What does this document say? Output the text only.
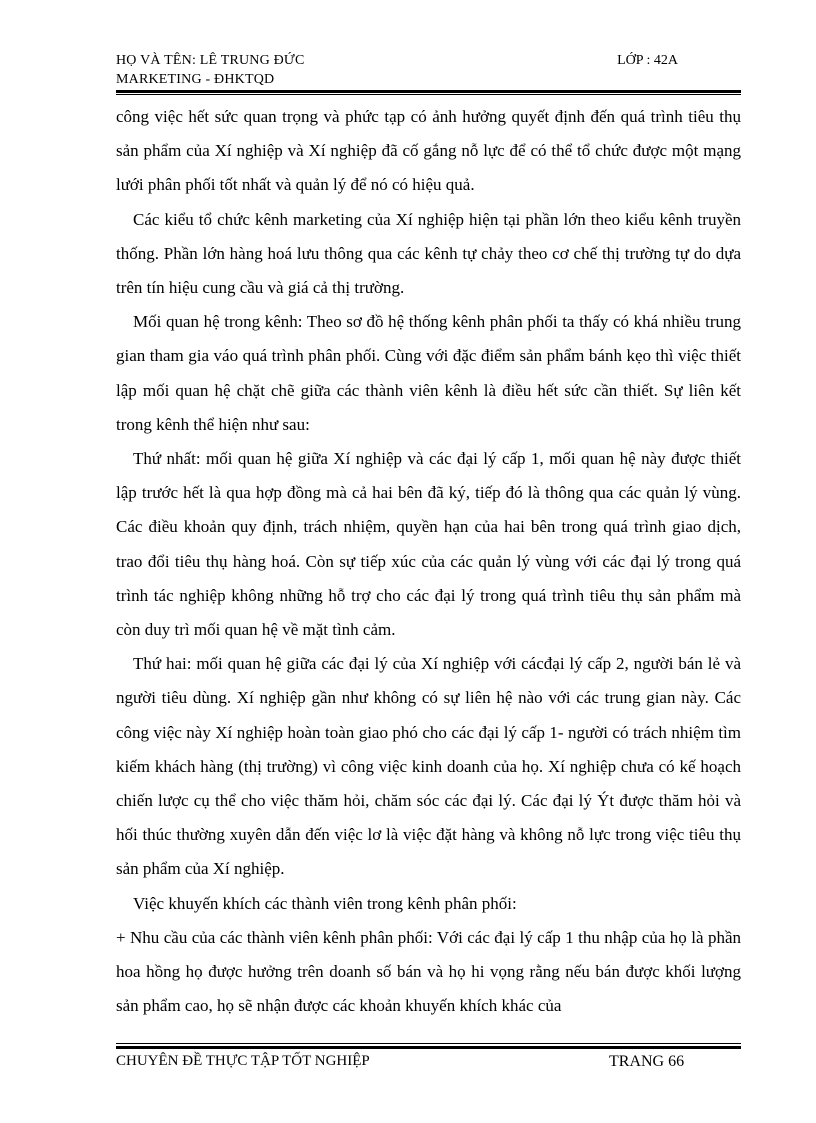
HỌ VÀ TÊN: LÊ TRUNG ĐỨC
MARKETING - ĐHKTQD
LỚP : 42A

công việc hết sức quan trọng và phức tạp có ảnh hưởng quyết định đến quá trình tiêu thụ sản phẩm của Xí nghiệp và Xí nghiệp đã cố gắng nỗ lực để có thể tổ chức được một mạng lưới phân phối tốt nhất và quản lý để nó có hiệu quả.

Các kiểu tổ chức kênh marketing của Xí nghiệp hiện tại phần lớn theo kiểu kênh truyền thống. Phần lớn hàng hoá lưu thông qua các kênh tự chảy theo cơ chế thị trường tự do dựa trên tín hiệu cung cầu và giá cả thị trường.

Mối quan hệ trong kênh: Theo sơ đồ hệ thống kênh phân phối ta thấy có khá nhiều trung gian tham gia váo quá trình phân phối. Cùng với đặc điểm sản phẩm bánh kẹo thì việc thiết lập mối quan hệ chặt chẽ giữa các thành viên kênh là điều hết sức cần thiết. Sự liên kết trong kênh thể hiện như sau:

Thứ nhất: mối quan hệ giữa Xí nghiệp và các đại lý cấp 1, mối quan hệ này được thiết lập trước hết là qua hợp đồng mà cả hai bên đã ký, tiếp đó là thông qua các quản lý vùng. Các điều khoản quy định, trách nhiệm, quyền hạn của hai bên trong quá trình giao dịch, trao đổi tiêu thụ hàng hoá. Còn sự tiếp xúc của các quản lý vùng với các đại lý trong quá trình tác nghiệp không những hỗ trợ cho các đại lý trong quá trình tiêu thụ sản phẩm mà còn duy trì mối quan hệ về mặt tình cảm.

Thứ hai: mối quan hệ giữa các đại lý của Xí nghiệp với cácđại lý cấp 2, người bán lẻ và người tiêu dùng. Xí nghiệp gần như không có sự liên hệ nào với các trung gian này. Các công việc này Xí nghiệp hoàn toàn giao phó cho các đại lý cấp 1- người có trách nhiệm tìm kiếm khách hàng (thị trường) vì công việc kinh doanh của họ. Xí nghiệp chưa có kế hoạch chiến lược cụ thể cho việc thăm hỏi, chăm sóc các đại lý. Các đại lý Ýt được thăm hỏi và hối thúc thường xuyên dẫn đến việc lơ là việc đặt hàng và không nỗ lực trong việc tiêu thụ sản phẩm của Xí nghiệp.

Việc khuyến khích các thành viên trong kênh phân phối:

+ Nhu cầu của các thành viên kênh phân phối: Với các đại lý cấp 1 thu nhập của họ là phần hoa hồng họ được hưởng trên doanh số bán và họ hi vọng rằng nếu bán được khối lượng sản phẩm cao, họ sẽ nhận được các khoản khuyến khích khác của

CHUYÊN ĐỀ THỰC TẬP TỐT NGHIỆP	TRANG 66
